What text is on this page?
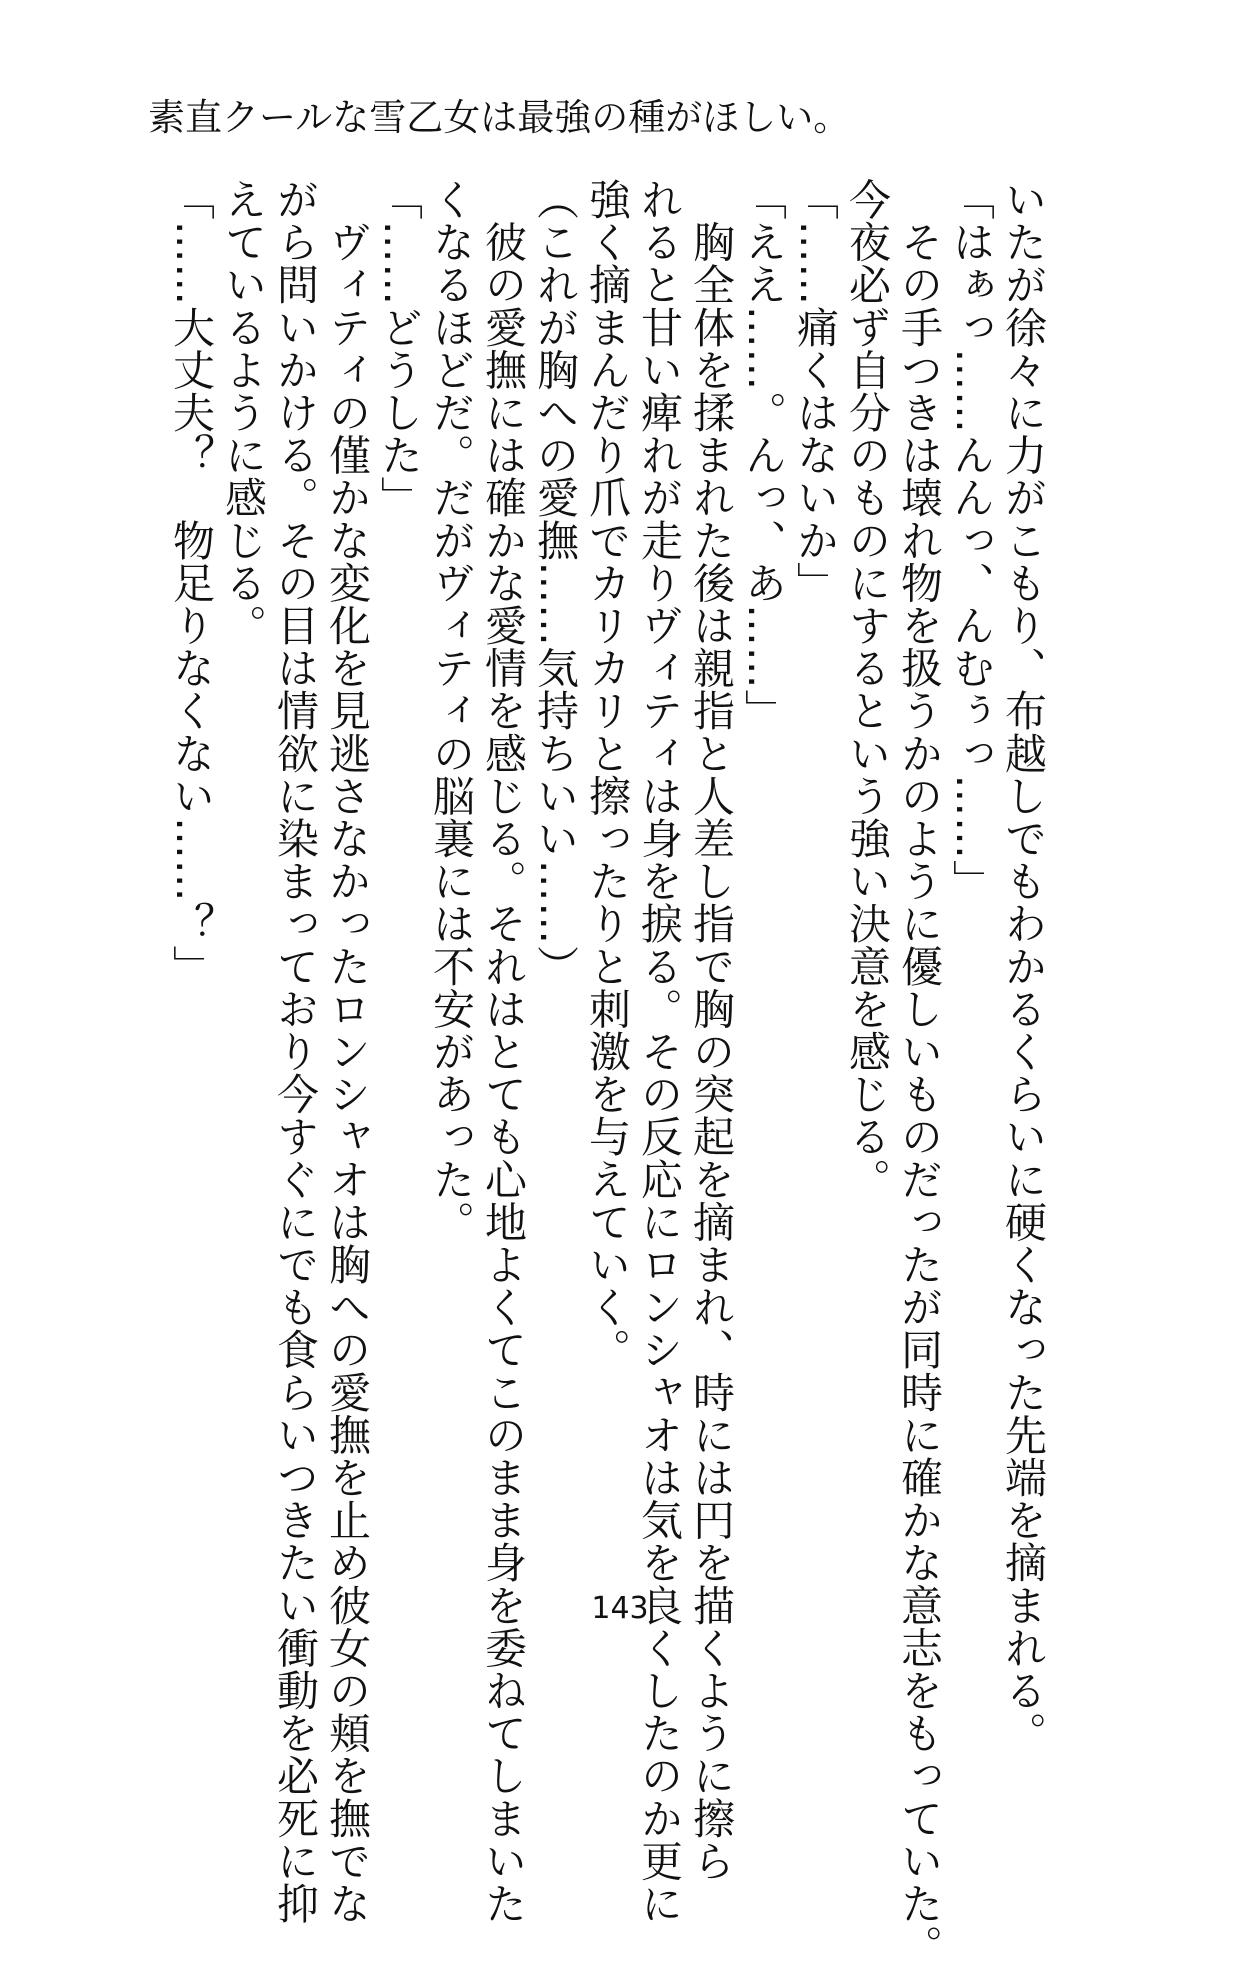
素直クールな雪乙女は最強の種がほしい。
いたが徐々に力がこもり、布越しでもわかるくらいに硬くなった先端を摘まれる。
「はぁっ……んんっ、んむぅっ……」
　その手つきは壊れ物を扱うかのように優しいものだったが同時に確かな意志をもっていた。
今夜必ず自分のものにするという強い決意を感じる。
「……痛くはないか」
「ええ……。んっ、あ……」
　胸全体を揉まれた後は親指と人差し指で胸の突起を摘まれ、時には円を描くように擦ら
れると甘い痺れが走りヴィティは身を捩る。その反応にロンシャオは気を良くしたのか更に
強く摘まんだり爪でカリカリと擦ったりと刺激を与えていく。
（これが胸への愛撫……気持ちいい……）
　彼の愛撫には確かな愛情を感じる。それはとても心地よくてこのまま身を委ねてしまいた
くなるほどだ。だがヴィティの脳裏には不安があった。
「……どうした」
　ヴィティの僅かな変化を見逃さなかったロンシャオは胸への愛撫を止め彼女の頬を撫でな
がら問いかける。その目は情欲に染まっており今すぐにでも食らいつきたい衝動を必死に抑
えているように感じる。
「……大丈夫？　物足りなくない……？」
143
